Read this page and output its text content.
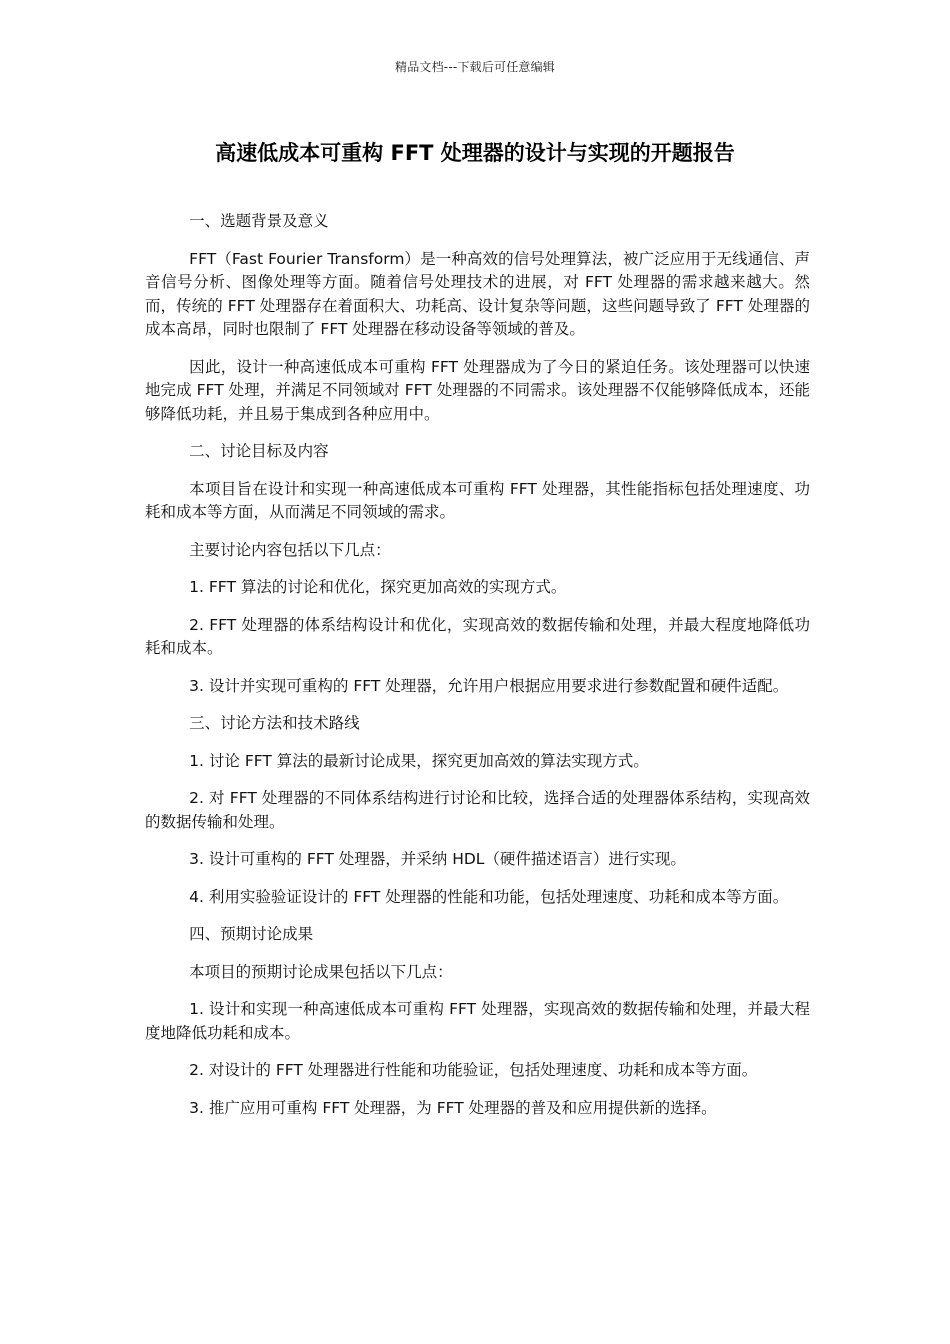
精品文档---下载后可任意编辑
高速低成本可重构 FFT 处理器的设计与实现的开题报告

一、选题背景及意义

FFT（Fast Fourier Transform）是一种高效的信号处理算法，被广泛应用于无线通信、声音信号分析、图像处理等方面。随着信号处理技术的进展，对 FFT 处理器的需求越来越大。然而，传统的 FFT 处理器存在着面积大、功耗高、设计复杂等问题，这些问题导致了 FFT 处理器的成本高昂，同时也限制了 FFT 处理器在移动设备等领域的普及。

因此，设计一种高速低成本可重构 FFT 处理器成为了今日的紧迫任务。该处理器可以快速地完成 FFT 处理，并满足不同领域对 FFT 处理器的不同需求。该处理器不仅能够降低成本，还能够降低功耗，并且易于集成到各种应用中。

二、讨论目标及内容

本项目旨在设计和实现一种高速低成本可重构 FFT 处理器，其性能指标包括处理速度、功耗和成本等方面，从而满足不同领域的需求。

主要讨论内容包括以下几点：

1. FFT 算法的讨论和优化，探究更加高效的实现方式。

2. FFT 处理器的体系结构设计和优化，实现高效的数据传输和处理，并最大程度地降低功耗和成本。

3. 设计并实现可重构的 FFT 处理器，允许用户根据应用要求进行参数配置和硬件适配。

三、讨论方法和技术路线

1. 讨论 FFT 算法的最新讨论成果，探究更加高效的算法实现方式。

2. 对 FFT 处理器的不同体系结构进行讨论和比较，选择合适的处理器体系结构，实现高效的数据传输和处理。

3. 设计可重构的 FFT 处理器，并采纳 HDL（硬件描述语言）进行实现。

4. 利用实验验证设计的 FFT 处理器的性能和功能，包括处理速度、功耗和成本等方面。

四、预期讨论成果

本项目的预期讨论成果包括以下几点：

1. 设计和实现一种高速低成本可重构 FFT 处理器，实现高效的数据传输和处理，并最大程度地降低功耗和成本。

2. 对设计的 FFT 处理器进行性能和功能验证，包括处理速度、功耗和成本等方面。

3. 推广应用可重构 FFT 处理器，为 FFT 处理器的普及和应用提供新的选择。
